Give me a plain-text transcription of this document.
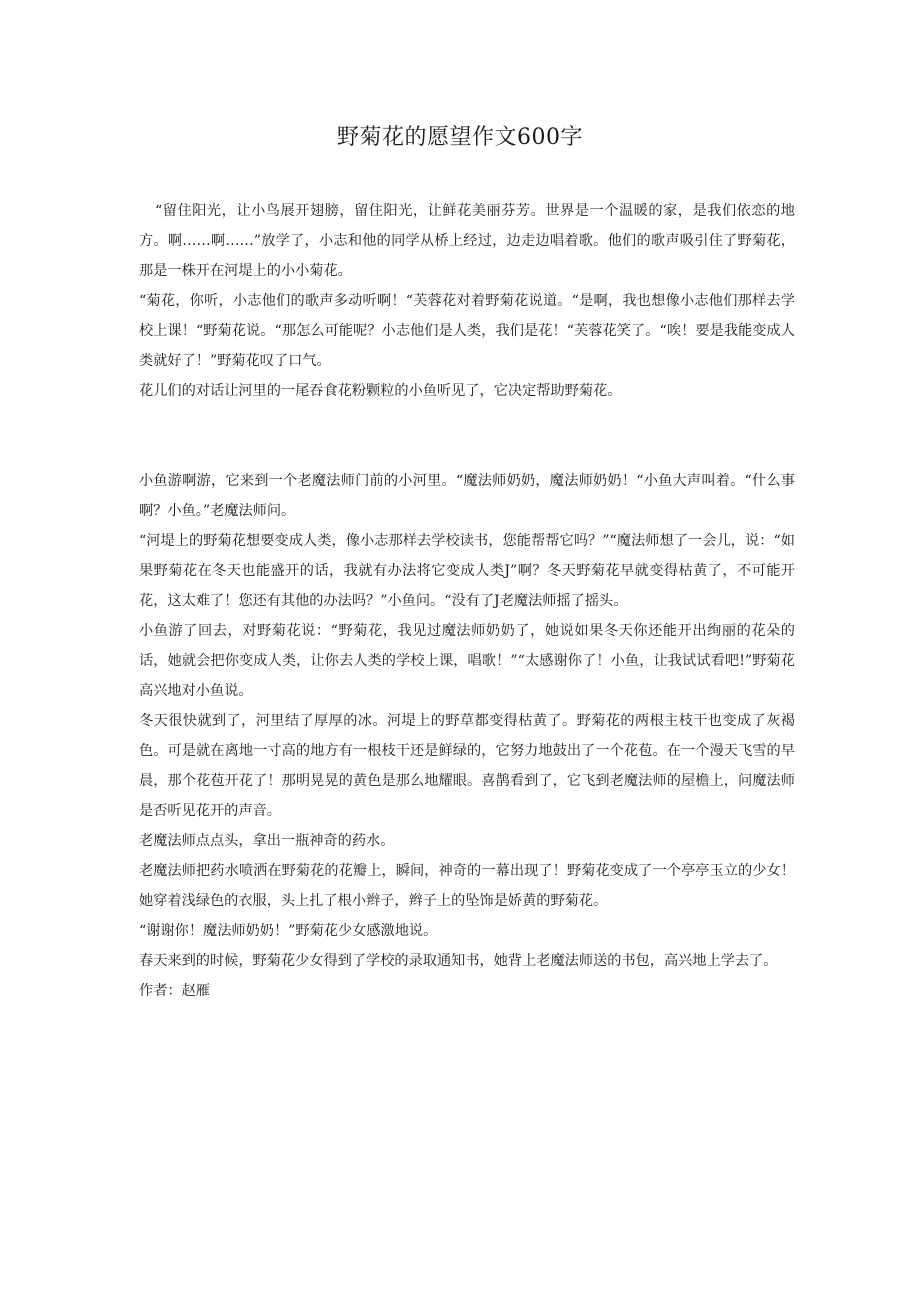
野菊花的愿望作文600字

“留住阳光，让小鸟展开翅膀，留住阳光，让鲜花美丽芬芳。世界是一个温暖的家，是我们依恋的地方。啊……啊……”放学了，小志和他的同学从桥上经过，边走边唱着歌。他们的歌声吸引住了野菊花，那是一株开在河堤上的小小菊花。

“菊花，你听，小志他们的歌声多动听啊！“芙蓉花对着野菊花说道。“是啊，我也想像小志他们那样去学校上课！“野菊花说。“那怎么可能呢？小志他们是人类，我们是花！“芙蓉花笑了。“唉！要是我能变成人类就好了！”野菊花叹了口气。

花儿们的对话让河里的一尾吞食花粉颗粒的小鱼听见了，它决定帮助野菊花。

小鱼游啊游，它来到一个老魔法师门前的小河里。“魔法师奶奶，魔法师奶奶！“小鱼大声叫着。“什么事啊？小鱼。”老魔法师问。

“河堤上的野菊花想要变成人类，像小志那样去学校读书，您能帮帮它吗？”“魔法师想了一会儿，说：“如果野菊花在冬天也能盛开的话，我就有办法将它变成人类J”啊？冬天野菊花早就变得枯黄了，不可能开花，这太难了！您还有其他的办法吗？”小鱼问。“没有了J老魔法师摇了摇头。

小鱼游了回去，对野菊花说：“野菊花，我见过魔法师奶奶了，她说如果冬天你还能开出绚丽的花朵的话，她就会把你变成人类，让你去人类的学校上课，唱歌！”“太感谢你了！小鱼，让我试试看吧!”野菊花高兴地对小鱼说。

冬天很快就到了，河里结了厚厚的冰。河堤上的野草都变得枯黄了。野菊花的两根主枝干也变成了灰褐色。可是就在离地一寸高的地方有一根枝干还是鲜绿的，它努力地鼓出了一个花苞。在一个漫天飞雪的早晨，那个花苞开花了！那明晃晃的黄色是那么地耀眼。喜鹊看到了，它飞到老魔法师的屋檐上，问魔法师是否听见花开的声音。

老魔法师点点头，拿出一瓶神奇的药水。

老魔法师把药水喷洒在野菊花的花瓣上，瞬间，神奇的一幕出现了！野菊花变成了一个亭亭玉立的少女！她穿着浅绿色的衣服，头上扎了根小辫子，辫子上的坠饰是娇黄的野菊花。

“谢谢你！魔法师奶奶！”野菊花少女感激地说。

春天来到的时候，野菊花少女得到了学校的录取通知书，她背上老魔法师送的书包，高兴地上学去了。

作者：赵雁
